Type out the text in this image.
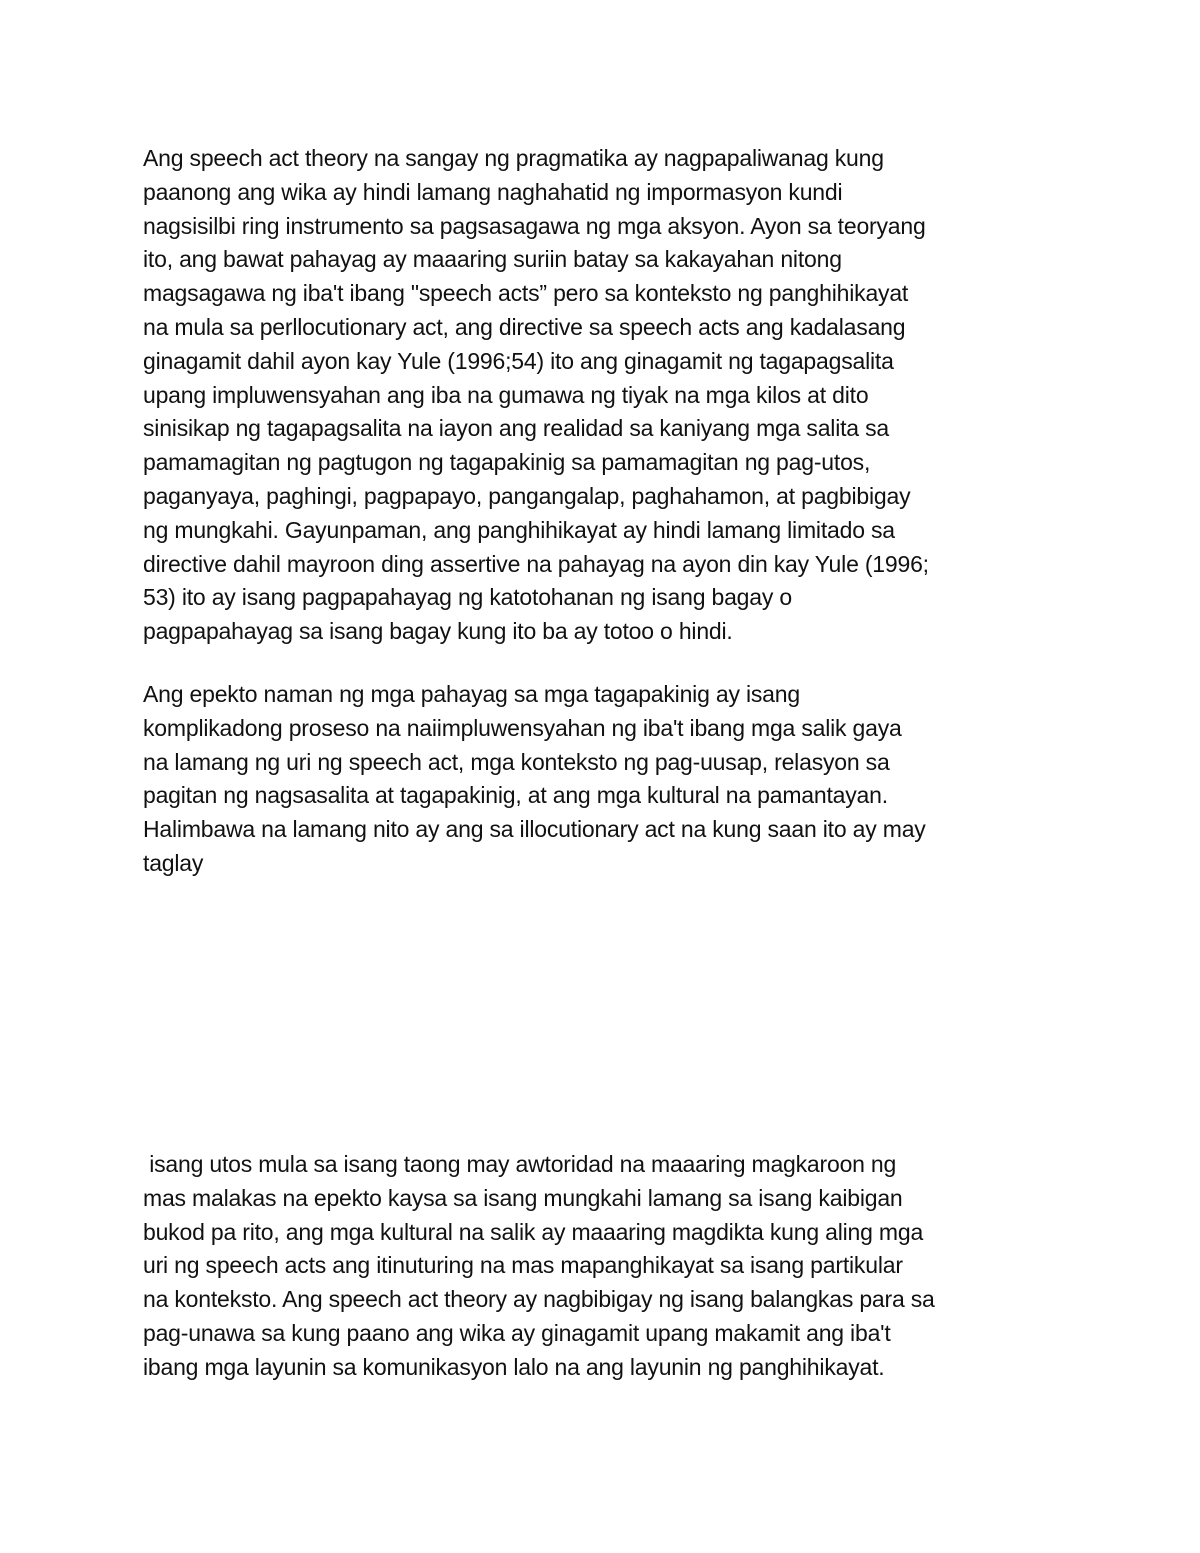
Ang speech act theory na sangay ng pragmatika ay nagpapaliwanag kung
paanong ang wika ay hindi lamang naghahatid ng impormasyon kundi
nagsisilbi ring instrumento sa pagsasagawa ng mga aksyon. Ayon sa teoryang
ito, ang bawat pahayag ay maaaring suriin batay sa kakayahan nitong
magsagawa ng iba't ibang "speech acts” pero sa konteksto ng panghihikayat
na mula sa perllocutionary act, ang directive sa speech acts ang kadalasang
ginagamit dahil ayon kay Yule (1996;54) ito ang ginagamit ng tagapagsalita
upang impluwensyahan ang iba na gumawa ng tiyak na mga kilos at dito
sinisikap ng tagapagsalita na iayon ang realidad sa kaniyang mga salita sa
pamamagitan ng pagtugon ng tagapakinig sa pamamagitan ng pag-utos,
paganyaya, paghingi, pagpapayo, pangangalap, paghahamon, at pagbibigay
ng mungkahi. Gayunpaman, ang panghihikayat ay hindi lamang limitado sa
directive dahil mayroon ding assertive na pahayag na ayon din kay Yule (1996;
53) ito ay isang pagpapahayag ng katotohanan ng isang bagay o
pagpapahayag sa isang bagay kung ito ba ay totoo o hindi.
Ang epekto naman ng mga pahayag sa mga tagapakinig ay isang
komplikadong proseso na naiimpluwensyahan ng iba't ibang mga salik gaya
na lamang ng uri ng speech act, mga konteksto ng pag-uusap, relasyon sa
pagitan ng nagsasalita at tagapakinig, at ang mga kultural na pamantayan.
Halimbawa na lamang nito ay ang sa illocutionary act na kung saan ito ay may
taglay
isang utos mula sa isang taong may awtoridad na maaaring magkaroon ng
mas malakas na epekto kaysa sa isang mungkahi lamang sa isang kaibigan
bukod pa rito, ang mga kultural na salik ay maaaring magdikta kung aling mga
uri ng speech acts ang itinuturing na mas mapanghikayat sa isang partikular
na konteksto. Ang speech act theory ay nagbibigay ng isang balangkas para sa
pag-unawa sa kung paano ang wika ay ginagamit upang makamit ang iba't
ibang mga layunin sa komunikasyon lalo na ang layunin ng panghihikayat.
